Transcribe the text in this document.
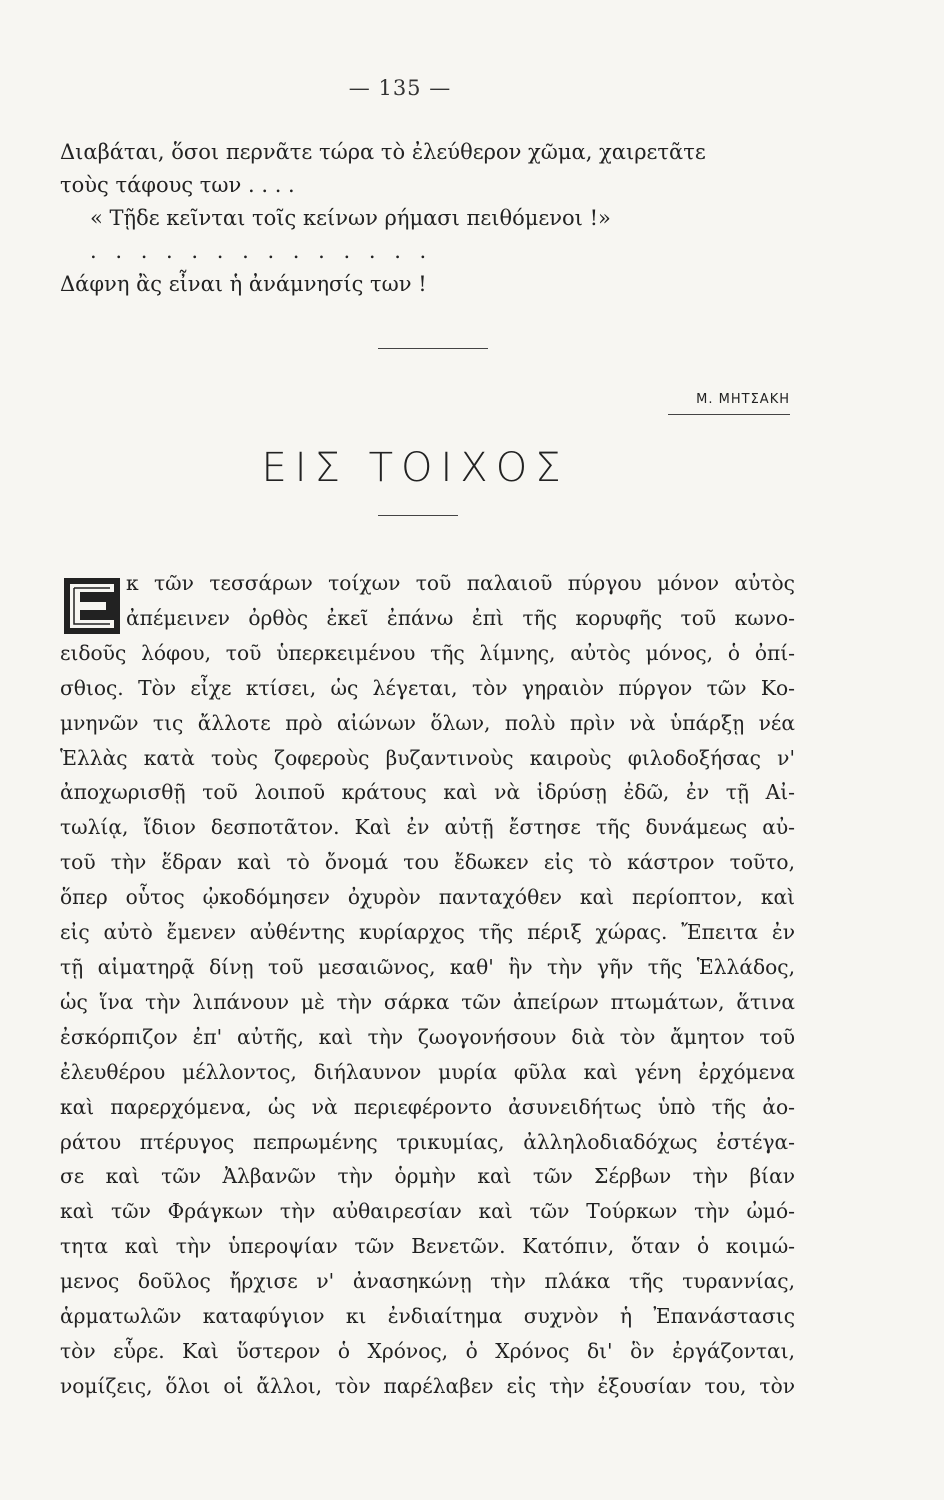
— 135 —
Διαβάται, ὅσοι περνᾶτε τώρα τὸ ἐλεύθερον χῶμα, χαιρετᾶτε
τοὺς τάφους των . . . .
« Τῇδε κεῖνται τοῖς κείνων ρήμασι πειθόμενοι !»
. . . . . . . . . . . . . .
Δάφνη ἂς εἶναι ἡ ἀνάμνησίς των !
Μ. ΜΗΤΣΑΚΗ
ΕΙΣ ΤΟΙΧΟΣ
κ τῶν τεσσάρων τοίχων τοῦ παλαιοῦ πύργου μόνον αὐτὸς
ἀπέμεινεν ὀρθὸς ἐκεῖ ἐπάνω ἐπὶ τῆς κορυφῆς τοῦ κωνο-
ειδοῦς λόφου, τοῦ ὑπερκειμένου τῆς λίμνης, αὐτὸς μόνος, ὁ ὀπί-
σθιος. Τὸν εἶχε κτίσει, ὡς λέγεται, τὸν γηραιὸν πύργον τῶν Κο-
μνηνῶν τις ἄλλοτε πρὸ αἰώνων ὅλων, πολὺ πρὶν νὰ ὑπάρξῃ νέα
Ἑλλὰς κατὰ τοὺς ζοφεροὺς βυζαντινοὺς καιροὺς φιλοδοξήσας ν'
ἀποχωρισθῇ τοῦ λοιποῦ κράτους καὶ νὰ ἱδρύσῃ ἐδῶ, ἐν τῇ Αἰ-
τωλίᾳ, ἴδιον δεσποτᾶτον. Καὶ ἐν αὐτῇ ἔστησε τῆς δυνάμεως αὐ-
τοῦ τὴν ἕδραν καὶ τὸ ὄνομά του ἔδωκεν εἰς τὸ κάστρον τοῦτο,
ὅπερ οὗτος ᾠκοδόμησεν ὀχυρὸν πανταχόθεν καὶ περίοπτον, καὶ
εἰς αὐτὸ ἔμενεν αὐθέντης κυρίαρχος τῆς πέριξ χώρας. Ἔπειτα ἐν
τῇ αἱματηρᾷ δίνῃ τοῦ μεσαιῶνος, καθ' ἣν τὴν γῆν τῆς Ἑλλάδος,
ὡς ἵνα τὴν λιπάνουν μὲ τὴν σάρκα τῶν ἀπείρων πτωμάτων, ἅτινα
ἐσκόρπιζον ἐπ' αὐτῆς, καὶ τὴν ζωογονήσουν διὰ τὸν ἄμητον τοῦ
ἐλευθέρου μέλλοντος, διήλαυνον μυρία φῦλα καὶ γένη ἐρχόμενα
καὶ παρερχόμενα, ὡς νὰ περιεφέροντο ἀσυνειδήτως ὑπὸ τῆς ἀο-
ράτου πτέρυγος πεπρωμένης τρικυμίας, ἀλληλοδιαδόχως ἐστέγα-
σε καὶ τῶν Ἀλβανῶν τὴν ὁρμὴν καὶ τῶν Σέρβων τὴν βίαν
καὶ τῶν Φράγκων τὴν αὐθαιρεσίαν καὶ τῶν Τούρκων τὴν ὠμό-
τητα καὶ τὴν ὑπεροψίαν τῶν Βενετῶν. Κατόπιν, ὅταν ὁ κοιμώ-
μενος δοῦλος ἤρχισε ν' ἀνασηκώνῃ τὴν πλάκα τῆς τυραννίας,
ἁρματωλῶν καταφύγιον κι ἐνδιαίτημα συχνὸν ἡ Ἐπανάστασις
τὸν εὗρε. Καὶ ὕστερον ὁ Χρόνος, ὁ Χρόνος δι' ὃν ἐργάζονται,
νομίζεις, ὅλοι οἱ ἄλλοι, τὸν παρέλαβεν εἰς τὴν ἐξουσίαν του, τὸν
